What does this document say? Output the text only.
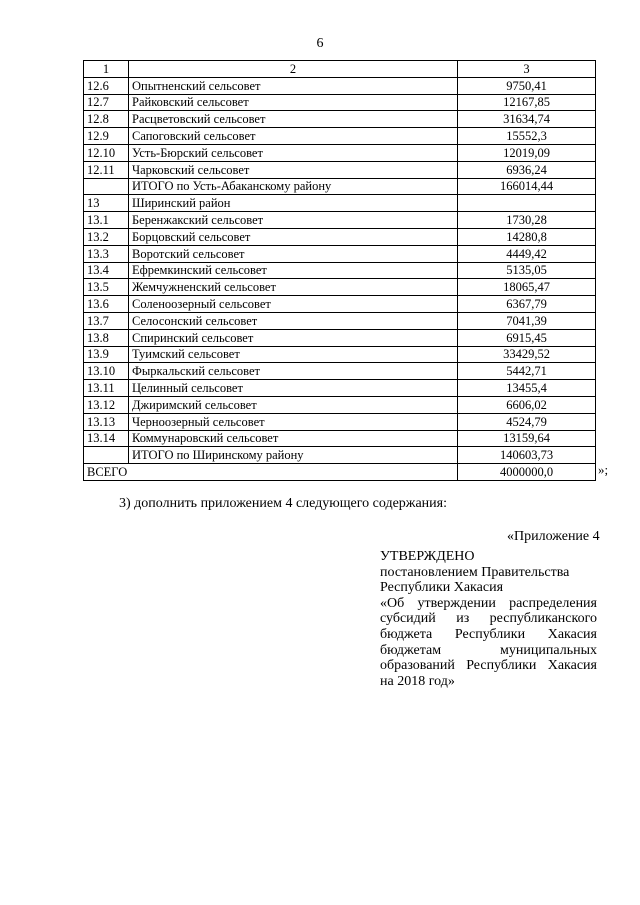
6
1	2	3
12.6	Опытненский сельсовет	9750,41
12.7	Райковский сельсовет	12167,85
12.8	Расцветовский сельсовет	31634,74
12.9	Сапоговский сельсовет	15552,3
12.10	Усть-Бюрский сельсовет	12019,09
12.11	Чарковский сельсовет	6936,24
	ИТОГО по Усть-Абаканскому району	166014,44
13	Ширинский район	
13.1	Беренжакский сельсовет	1730,28
13.2	Борцовский сельсовет	14280,8
13.3	Воротский сельсовет	4449,42
13.4	Ефремкинский сельсовет	5135,05
13.5	Жемчужненский сельсовет	18065,47
13.6	Соленоозерный сельсовет	6367,79
13.7	Селосонский сельсовет	7041,39
13.8	Спиринский сельсовет	6915,45
13.9	Туимский сельсовет	33429,52
13.10	Фыркальский сельсовет	5442,71
13.11	Целинный сельсовет	13455,4
13.12	Джиримский сельсовет	6606,02
13.13	Черноозерный сельсовет	4524,79
13.14	Коммунаровский сельсовет	13159,64
	ИТОГО по Ширинскому району	140603,73
ВСЕГО		4000000,0	»;
3) дополнить приложением 4 следующего содержания:
«Приложение 4
УТВЕРЖДЕНО
постановлением Правительства
Республики Хакасия
«Об утверждении распределения
субсидий из республиканского
бюджета Республики Хакасия
бюджетам муниципальных
образований Республики Хакасия
на 2018 год»
